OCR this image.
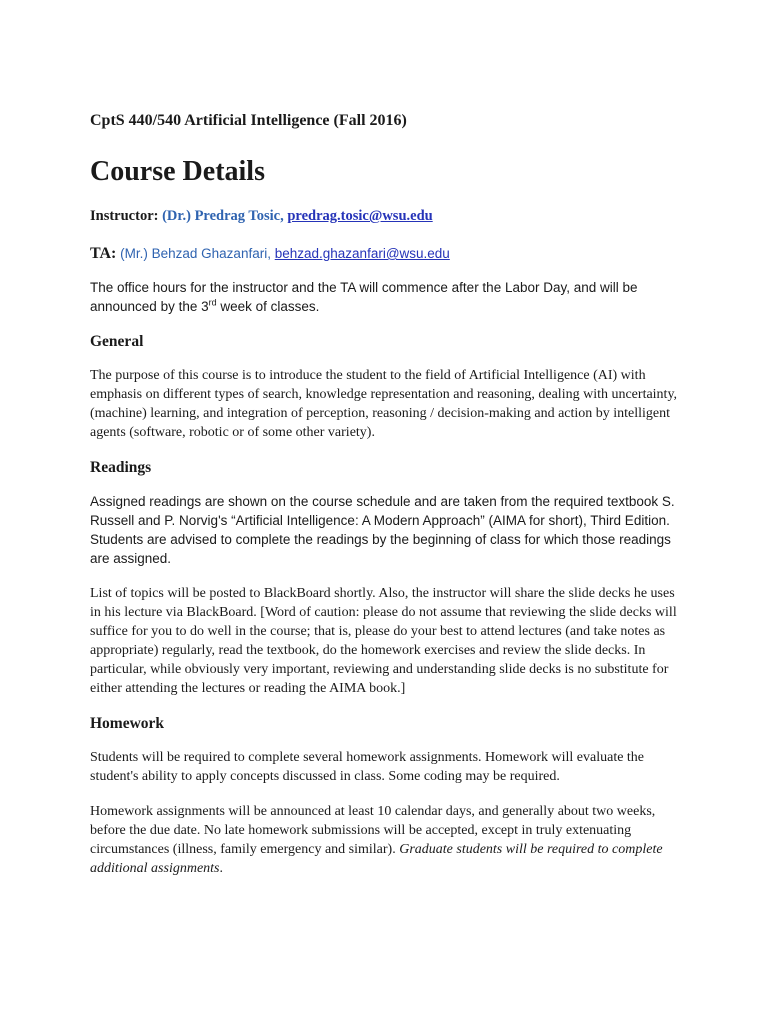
CptS 440/540 Artificial Intelligence (Fall 2016)

Course Details

Instructor: (Dr.) Predrag Tosic, predrag.tosic@wsu.edu

TA: (Mr.) Behzad Ghazanfari, behzad.ghazanfari@wsu.edu

The office hours for the instructor and the TA will commence after the Labor Day, and will be announced by the 3rd week of classes.

General

The purpose of this course is to introduce the student to the field of Artificial Intelligence (AI) with emphasis on different types of search, knowledge representation and reasoning, dealing with uncertainty, (machine) learning, and integration of perception, reasoning / decision-making and action by intelligent agents (software, robotic or of some other variety).

Readings

Assigned readings are shown on the course schedule and are taken from the required textbook S. Russell and P. Norvig's “Artificial Intelligence: A Modern Approach” (AIMA for short), Third Edition. Students are advised to complete the readings by the beginning of class for which those readings are assigned.

List of topics will be posted to BlackBoard shortly. Also, the instructor will share the slide decks he uses in his lecture via BlackBoard. [Word of caution: please do not assume that reviewing the slide decks will suffice for you to do well in the course; that is, please do your best to attend lectures (and take notes as appropriate) regularly, read the textbook, do the homework exercises and review the slide decks. In particular, while obviously very important, reviewing and understanding slide decks is no substitute for either attending the lectures or reading the AIMA book.]

Homework

Students will be required to complete several homework assignments. Homework will evaluate the student's ability to apply concepts discussed in class. Some coding may be required.

Homework assignments will be announced at least 10 calendar days, and generally about two weeks, before the due date. No late homework submissions will be accepted, except in truly extenuating circumstances (illness, family emergency and similar). Graduate students will be required to complete additional assignments.
